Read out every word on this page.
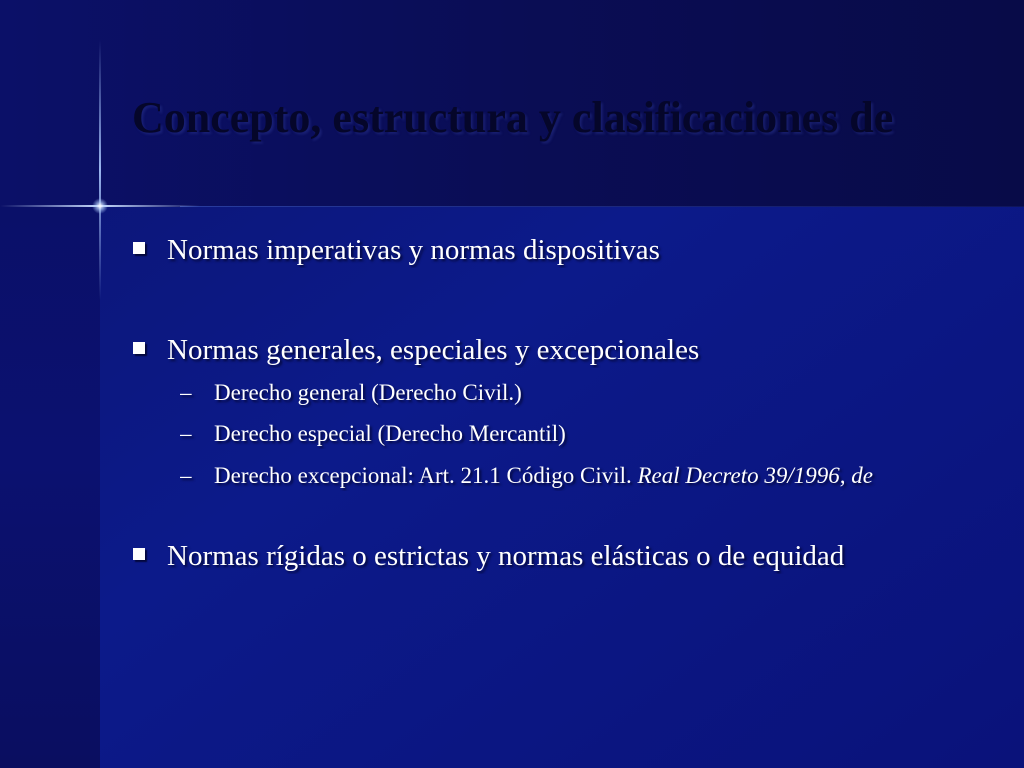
Concepto, estructura y clasificaciones de
Normas imperativas y normas dispositivas
Normas generales, especiales y excepcionales
– Derecho general (Derecho Civil.)
– Derecho especial (Derecho Mercantil)
– Derecho excepcional: Art. 21.1 Código Civil. Real Decreto 39/1996, de
Normas rígidas o estrictas y normas elásticas o de equidad
